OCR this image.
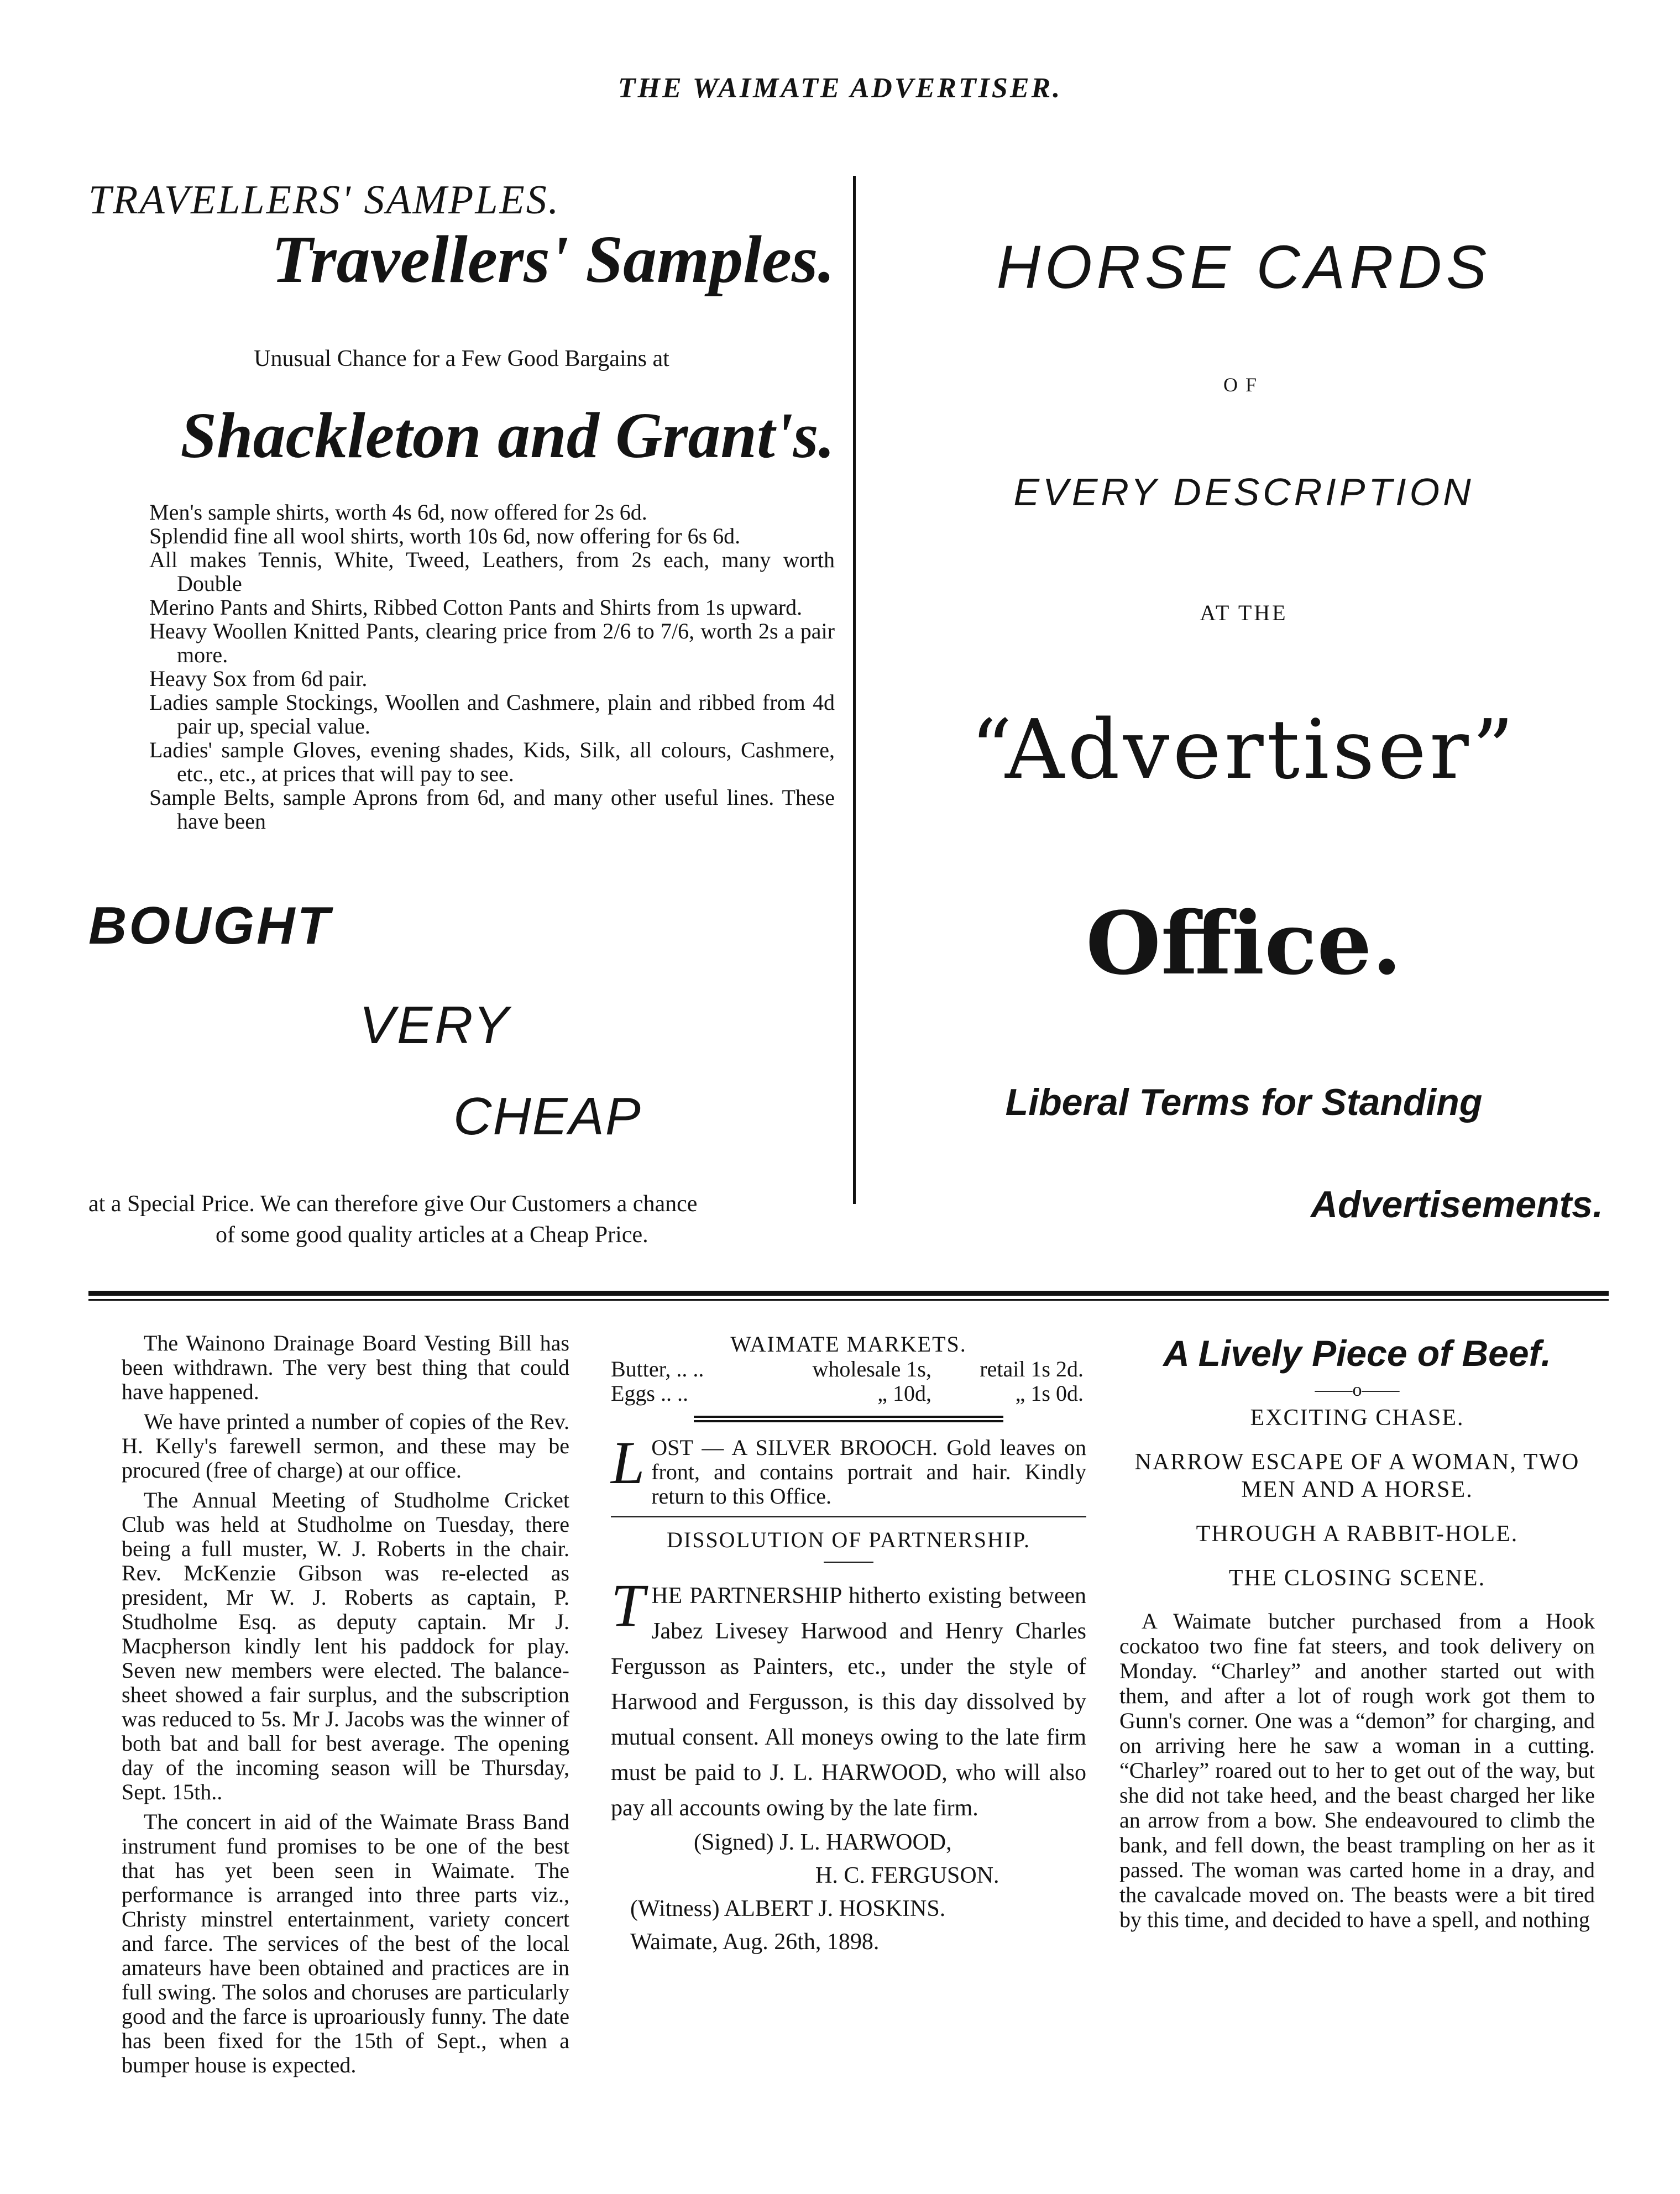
THE WAIMATE ADVERTISER.
TRAVELLERS' SAMPLES.
Travellers' Samples.
Unusual Chance for a Few Good Bargains at
Shackleton and Grant's.
Men's sample shirts, worth 4s 6d, now offered for 2s 6d.
Splendid fine all wool shirts, worth 10s 6d, now offering for 6s 6d.
All makes Tennis, White, Tweed, Leathers, from 2s each, many worth Double
Merino Pants and Shirts, Ribbed Cotton Pants and Shirts from 1s upward.
Heavy Woollen Knitted Pants, clearing price from 2/6 to 7/6, worth 2s a pair more.
Heavy Sox from 6d pair.
Ladies sample Stockings, Woollen and Cashmere, plain and ribbed from 4d pair up, special value.
Ladies' sample Gloves, evening shades, Kids, Silk, all colours, Cashmere, etc., etc., at prices that will pay to see.
Sample Belts, sample Aprons from 6d, and many other useful lines. These have been
BOUGHT
VERY
CHEAP
at a Special Price. We can therefore give Our Customers a chance
of some good quality articles at a Cheap Price.
HORSE CARDS
OF
EVERY DESCRIPTION
AT THE
“Advertiser”
Office.
Liberal Terms for Standing
Advertisements.

The Wainono Drainage Board Vesting Bill has been withdrawn. The very best thing that could have happened.

We have printed a number of copies of the Rev. H. Kelly's farewell sermon, and these may be procured (free of charge) at our office.

The Annual Meeting of Studholme Cricket Club was held at Studholme on Tuesday, there being a full muster, W. J. Roberts in the chair. Rev. McKenzie Gibson was re-elected as president, Mr W. J. Roberts as captain, P. Studholme Esq. as deputy captain. Mr J. Macpherson kindly lent his paddock for play. Seven new members were elected. The balance-sheet showed a fair surplus, and the subscription was reduced to 5s. Mr J. Jacobs was the winner of both bat and ball for best average. The opening day of the incoming season will be Thursday, Sept. 15th..

The concert in aid of the Waimate Brass Band instrument fund promises to be one of the best that has yet been seen in Waimate. The performance is arranged into three parts viz., Christy minstrel entertainment, variety concert and farce. The services of the best of the local amateurs have been obtained and practices are in full swing. The solos and choruses are particularly good and the farce is uproariously funny. The date has been fixed for the 15th of Sept., when a bumper house is expected.

WAIMATE MARKETS.
Butter, .. ..	wholesale 1s,	retail 1s 2d.
Eggs .. ..	„ 10d,	„ 1s 0d.
L OST — A SILVER BROOCH. Gold leaves on front, and contains portrait and hair. Kindly return to this Office.
DISSOLUTION OF PARTNERSHIP.
T HE PARTNERSHIP hitherto existing between Jabez Livesey Harwood and Henry Charles Fergusson as Painters, etc., under the style of Harwood and Fergusson, is this day dissolved by mutual consent. All moneys owing to the late firm must be paid to J. L. HARWOOD, who will also pay all accounts owing by the late firm.
(Signed) J. L. HARWOOD,
H. C. FERGUSON.
(Witness) ALBERT J. HOSKINS.
Waimate, Aug. 26th, 1898.
A Lively Piece of Beef.
——o——
EXCITING CHASE.
NARROW ESCAPE OF A WOMAN, TWO MEN AND A HORSE.
THROUGH A RABBIT-HOLE.
THE CLOSING SCENE.
A Waimate butcher purchased from a Hook cockatoo two fine fat steers, and took delivery on Monday. “Charley” and another started out with them, and after a lot of rough work got them to Gunn's corner. One was a “demon” for charging, and on arriving here he saw a woman in a cutting. “Charley” roared out to her to get out of the way, but she did not take heed, and the beast charged her like an arrow from a bow. She endeavoured to climb the bank, and fell down, the beast trampling on her as it passed. The woman was carted home in a dray, and the cavalcade moved on. The beasts were a bit tired by this time, and decided to have a spell, and nothing
